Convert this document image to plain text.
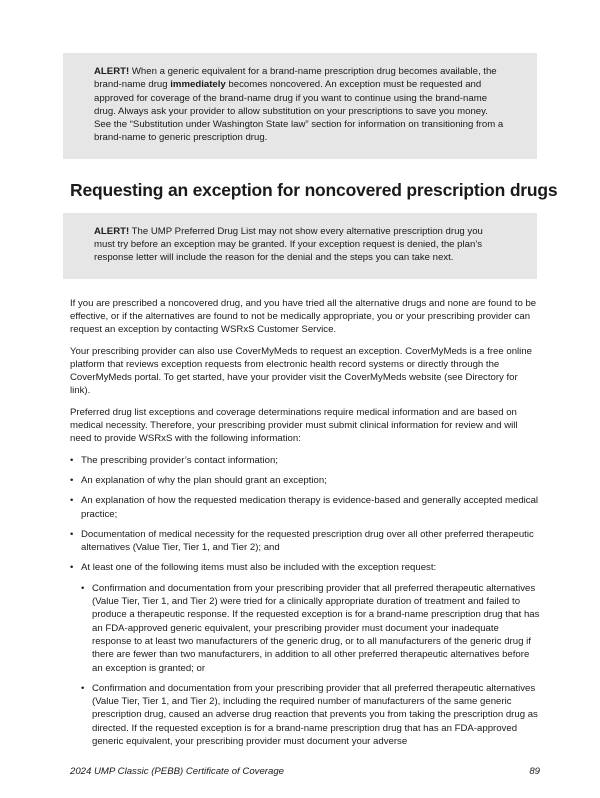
ALERT! When a generic equivalent for a brand-name prescription drug becomes available, the brand-name drug immediately becomes noncovered. An exception must be requested and approved for coverage of the brand-name drug if you want to continue using the brand-name drug. Always ask your provider to allow substitution on your prescriptions to save you money. See the “Substitution under Washington State law” section for information on transitioning from a brand-name to generic prescription drug.
Requesting an exception for noncovered prescription drugs
ALERT! The UMP Preferred Drug List may not show every alternative prescription drug you must try before an exception may be granted. If your exception request is denied, the plan’s response letter will include the reason for the denial and the steps you can take next.

If you are prescribed a noncovered drug, and you have tried all the alternative drugs and none are found to be effective, or if the alternatives are found to not be medically appropriate, you or your prescribing provider can request an exception by contacting WSRxS Customer Service.

Your prescribing provider can also use CoverMyMeds to request an exception. CoverMyMeds is a free online platform that reviews exception requests from electronic health record systems or directly through the CoverMyMeds portal. To get started, have your provider visit the CoverMyMeds website (see Directory for link).

Preferred drug list exceptions and coverage determinations require medical information and are based on medical necessity. Therefore, your prescribing provider must submit clinical information for review and will need to provide WSRxS with the following information:

• The prescribing provider’s contact information;
• An explanation of why the plan should grant an exception;
• An explanation of how the requested medication therapy is evidence-based and generally accepted medical practice;
• Documentation of medical necessity for the requested prescription drug over all other preferred therapeutic alternatives (Value Tier, Tier 1, and Tier 2); and
• At least one of the following items must also be included with the exception request:
• Confirmation and documentation from your prescribing provider that all preferred therapeutic alternatives (Value Tier, Tier 1, and Tier 2) were tried for a clinically appropriate duration of treatment and failed to produce a therapeutic response. If the requested exception is for a brand-name prescription drug that has an FDA-approved generic equivalent, your prescribing provider must document your inadequate response to at least two manufacturers of the generic drug, or to all manufacturers of the generic drug if there are fewer than two manufacturers, in addition to all other preferred therapeutic alternatives before an exception is granted; or
• Confirmation and documentation from your prescribing provider that all preferred therapeutic alternatives (Value Tier, Tier 1, and Tier 2), including the required number of manufacturers of the same generic prescription drug, caused an adverse drug reaction that prevents you from taking the prescription drug as directed. If the requested exception is for a brand-name prescription drug that has an FDA-approved generic equivalent, your prescribing provider must document your adverse
2024 UMP Classic (PEBB) Certificate of Coverage	89
